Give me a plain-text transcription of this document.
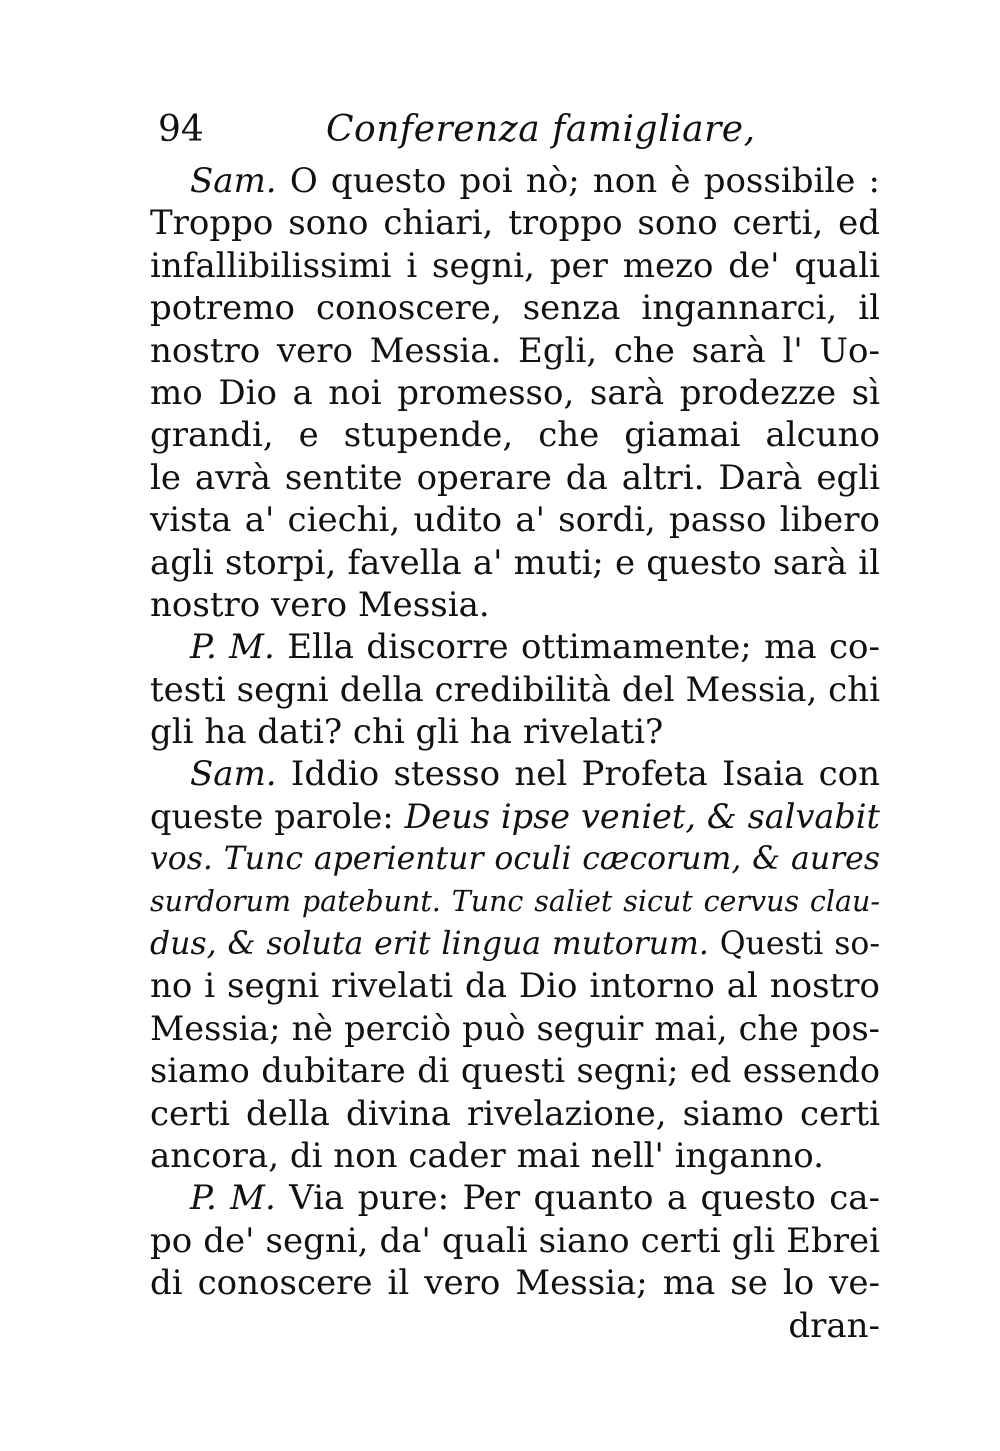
94	Conferenza famigliare,
Sam. O questo poi nò; non è possibile :
Troppo sono chiari, troppo sono certi, ed
infallibilissimi i segni, per mezo de' quali
potremo conoscere, senza ingannarci, il
nostro vero Messia. Egli, che sarà l' Uo-
mo Dio a noi promesso, sarà prodezze sì
grandi, e stupende, che giamai alcuno
le avrà sentite operare da altri. Darà egli
vista a' ciechi, udito a' sordi, passo libero
agli storpi, favella a' muti; e questo sarà il
nostro vero Messia.
P. M. Ella discorre ottimamente; ma co-
testi segni della credibilità del Messia, chi
gli ha dati? chi gli ha rivelati?
Sam. Iddio stesso nel Profeta Isaia con
queste parole: Deus ipse veniet, & salvabit
vos. Tunc aperientur oculi cæcorum, & aures
surdorum patebunt. Tunc saliet sicut cervus clau-
dus, & soluta erit lingua mutorum. Questi so-
no i segni rivelati da Dio intorno al nostro
Messia; nè perciò può seguir mai, che pos-
siamo dubitare di questi segni; ed essendo
certi della divina rivelazione, siamo certi
ancora, di non cader mai nell' inganno.
P. M. Via pure: Per quanto a questo ca-
po de' segni, da' quali siano certi gli Ebrei
di conoscere il vero Messia; ma se lo ve-
dran-
